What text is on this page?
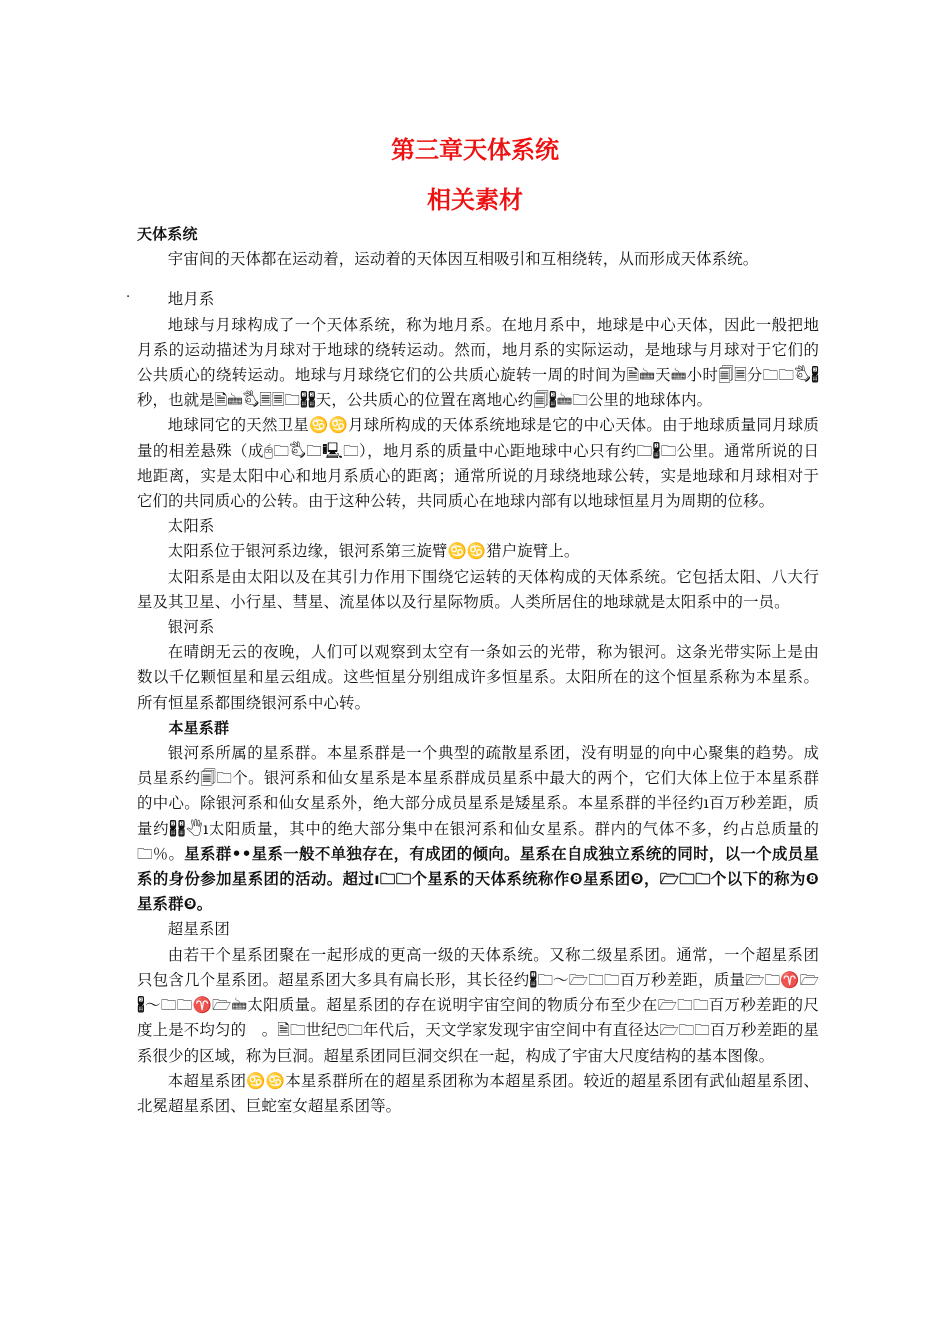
第三章天体系统
相关素材
.

天体系统

宇宙间的天体都在运动着，运动着的天体因互相吸引和互相绕转，从而形成天体系统。

地月系

地球与月球构成了一个天体系统，称为地月系。在地月系中，地球是中心天体，因此一般把地月系的运动描述为月球对于地球的绕转运动。然而，地月系的实际运动，是地球与月球对于它们的公共质心的绕转运动。地球与月球绕它们的公共质心旋转一周的时间为🗎🖮天🖮小时🗐🗏分🗀🗀🖏🖁秒，也就是🗎🖮🖏🗏🗏🗀🖁🖁天，公共质心的位置在离地心约🗐🖁🖮🗀公里的地球体内。

地球同它的天然卫星♋♋月球所构成的天体系统地球是它的中心天体。由于地球质量同月球质量的相差悬殊（成🖰🗀🖏🗀🖳🗀），地月系的质量中心距地球中心只有约🗀🖁🗀公里。通常所说的日地距离，实是太阳中心和地月系质心的距离；通常所说的月球绕地球公转，实是地球和月球相对于它们的共同质心的公转。由于这种公转，共同质心在地球内部有以地球恒星月为周期的位移。

太阳系

太阳系位于银河系边缘，银河系第三旋臂♋♋猎户旋臂上。

太阳系是由太阳以及在其引力作用下围绕它运转的天体构成的天体系统。它包括太阳、八大行星及其卫星、小行星、彗星、流星体以及行星际物质。人类所居住的地球就是太阳系中的一员。

银河系

在晴朗无云的夜晚，人们可以观察到太空有一条如云的光带，称为银河。这条光带实际上是由数以千亿颗恒星和星云组成。这些恒星分别组成许多恒星系。太阳所在的这个恒星系称为本星系。所有恒星系都围绕银河系中心转。

本星系群

银河系所属的星系群。本星系群是一个典型的疏散星系团，没有明显的向中心聚集的趋势。成员星系约🗐🗀个。银河系和仙女星系是本星系群成员星系中最大的两个，它们大体上位于本星系群的中心。除银河系和仙女星系外，绝大部分成员星系是矮星系。本星系群的半径约ı百万秒差距，质量约🖁🖁🖑ı太阳质量，其中的绝大部分集中在银河系和仙女星系。群内的气体不多，约占总质量的🗀％。星系群••星系一般不单独存在，有成团的倾向。星系在自成独立系统的同时，以一个成员星系的身份参加星系团的活动。超过ı🗀🗀个星系的天体系统称作❽星系团❾，🗁🗀🗀个以下的称为❽星系群❾。

超星系团

由若干个星系团聚在一起形成的更高一级的天体系统。又称二级星系团。通常，一个超星系团只包含几个星系团。超星系团大多具有扁长形，其长径约🖁🗀～🗁🗀🗀百万秒差距，质量🗁🗀♈🗁🖁～🗀🗀♈🗁🖮太阳质量。超星系团的存在说明宇宙空间的物质分布至少在🗁🗀🗀百万秒差距的尺度上是不均匀的　。🗎🗀世纪🖰🗀年代后，天文学家发现宇宙空间中有直径达🗁🗀🗀百万秒差距的星系很少的区域，称为巨洞。超星系团同巨洞交织在一起，构成了宇宙大尺度结构的基本图像。

本超星系团♋♋本星系群所在的超星系团称为本超星系团。较近的超星系团有武仙超星系团、北冕超星系团、巨蛇室女超星系团等。
